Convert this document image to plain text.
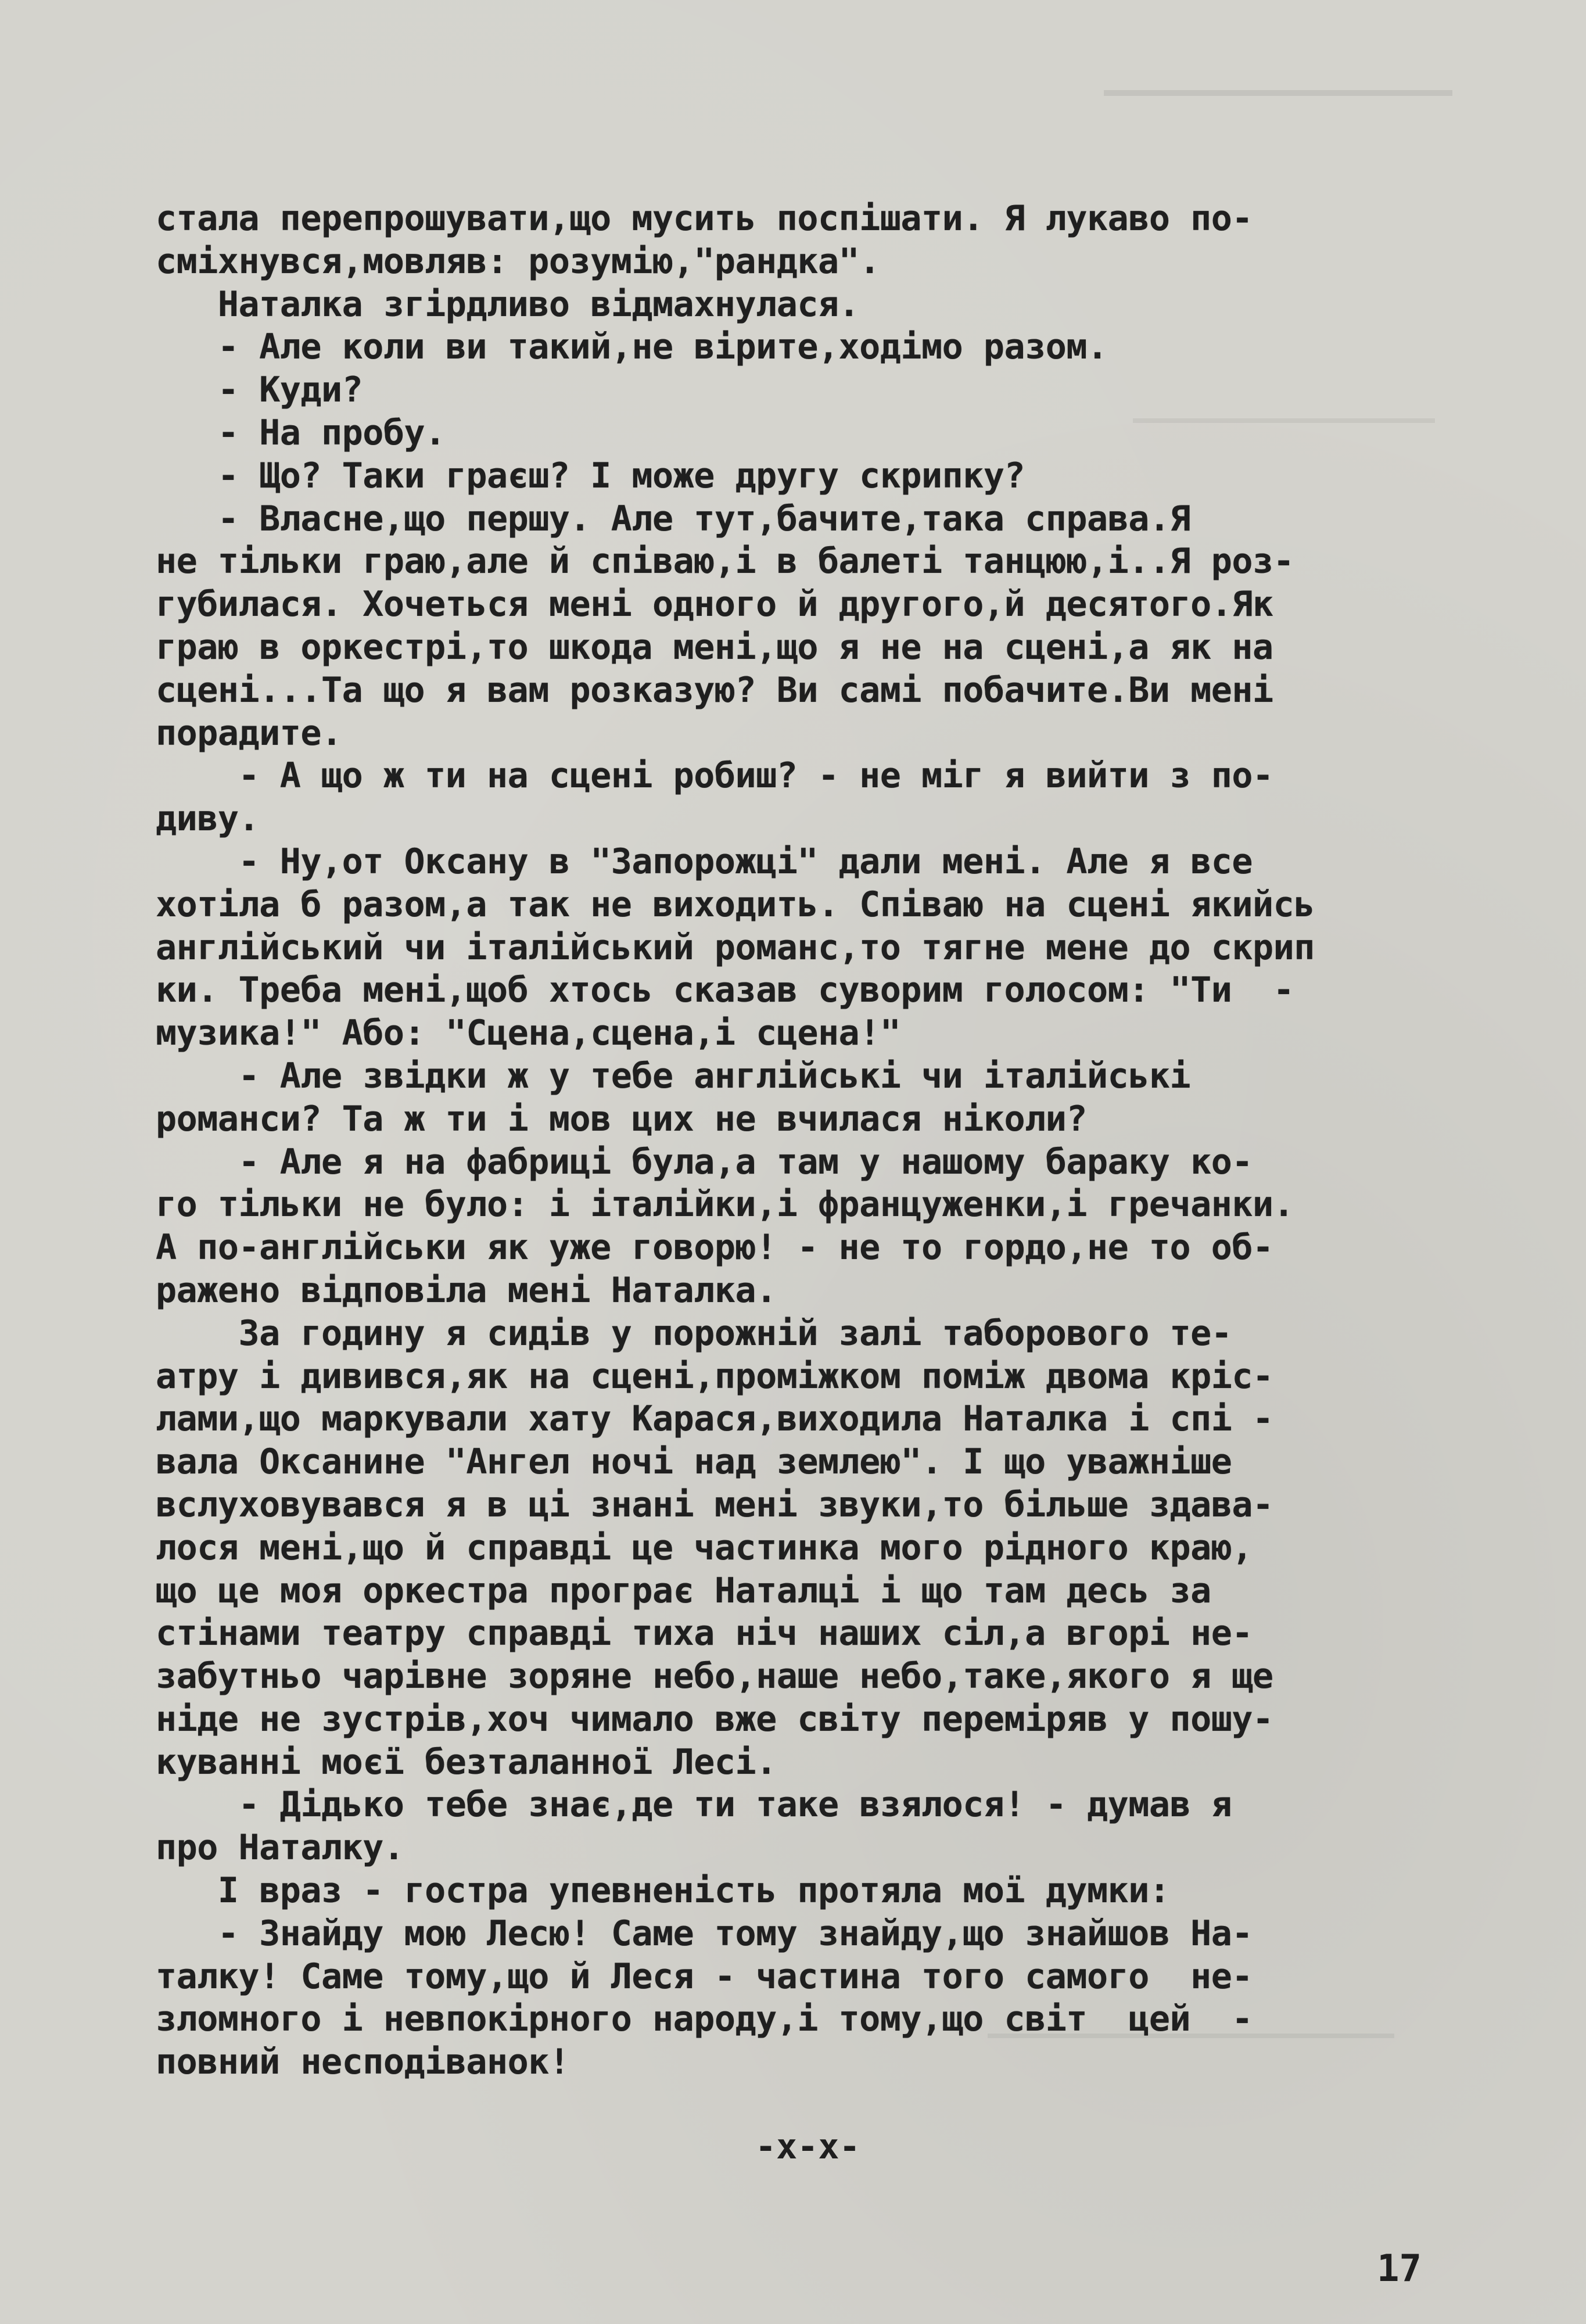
стала перепрошувати,що мусить поспішати. Я лукаво по-
сміхнувся,мовляв: розумію,"рандка".
Наталка згірдливо відмахнулася.
- Але коли ви такий,не вірите,ходімо разом.
- Куди?
- На пробу.
- Що? Таки граєш? І може другу скрипку?
- Власне,що першу. Але тут,бачите,така справа.Я
не тільки граю,але й співаю,і в балеті танцюю,і..Я роз-
губилася. Хочеться мені одного й другого,й десятого.Як
граю в оркестрі,то шкода мені,що я не на сцені,а як на
сцені...Та що я вам розказую? Ви самі побачите.Ви мені
порадите.
- А що ж ти на сцені робиш? - не міг я вийти з по-
диву.
- Ну,от Оксану в "Запорожці" дали мені. Але я все
хотіла б разом,а так не виходить. Співаю на сцені якийсь
англійський чи італійський романс,то тягне мене до скрип
ки. Треба мені,щоб хтось сказав суворим голосом: "Ти  -
музика!" Або: "Сцена,сцена,і сцена!"
- Але звідки ж у тебе англійські чи італійські
романси? Та ж ти і мов цих не вчилася ніколи?
- Але я на фабриці була,а там у нашому бараку ко-
го тільки не було: і італійки,і француженки,і гречанки.
А по-англійськи як уже говорю! - не то гордо,не то об-
ражено відповіла мені Наталка.
За годину я сидів у порожній залі таборового те-
атру і дивився,як на сцені,проміжком поміж двома кріс-
лами,що маркували хату Карася,виходила Наталка і спі -
вала Оксанине "Ангел ночі над землею". І що уважніше
вслуховувався я в ці знані мені звуки,то більше здава-
лося мені,що й справді це частинка мого рідного краю,
що це моя оркестра програє Наталці і що там десь за
стінами театру справді тиха ніч наших сіл,а вгорі не-
забутньо чарівне зоряне небо,наше небо,таке,якого я ще
ніде не зустрів,хоч чимало вже світу переміряв у пошу-
куванні моєї безталанної Лесі.
- Дідько тебе знає,де ти таке взялося! - думав я
про Наталку.
І враз - гостра упевненість протяла мої думки:
- Знайду мою Лесю! Саме тому знайду,що знайшов На-
талку! Саме тому,що й Леся - частина того самого  не-
зломного і невпокірного народу,і тому,що світ  цей  -
повний несподіванок!
-x-x-
17
